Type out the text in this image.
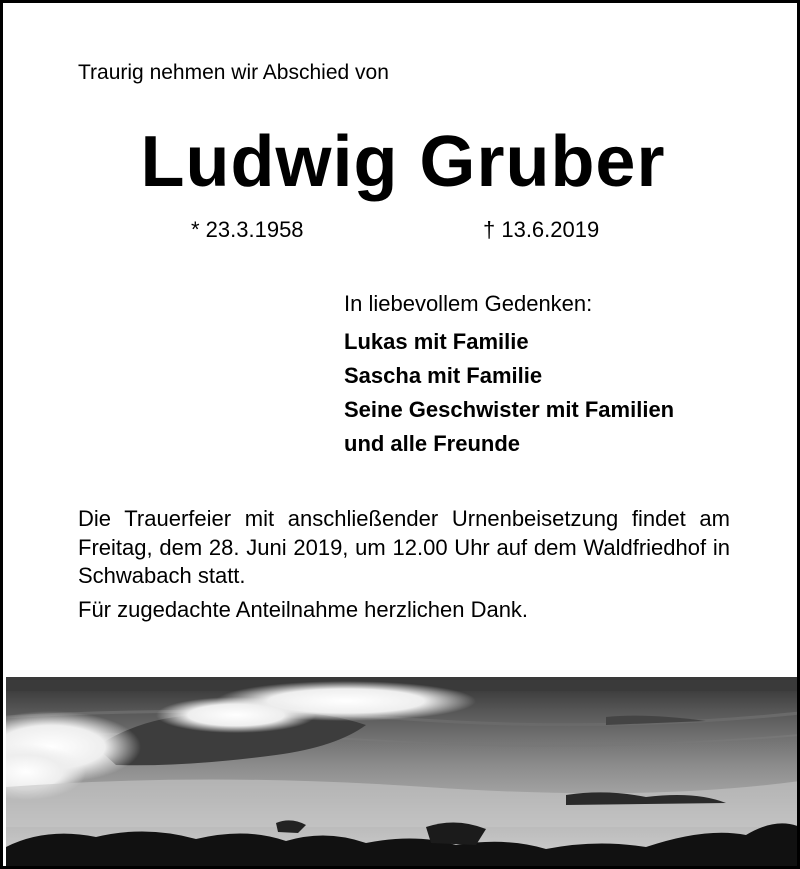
Traurig nehmen wir Abschied von
Ludwig Gruber
* 23.3.1958	† 13.6.2019
In liebevollem Gedenken:
Lukas mit Familie
Sascha mit Familie
Seine Geschwister mit Familien
und alle Freunde
Die Trauerfeier mit anschließender Urnenbeisetzung findet am Freitag, dem 28. Juni 2019, um 12.00 Uhr auf dem Waldfriedhof in Schwabach statt.
Für zugedachte Anteilnahme herzlichen Dank.
